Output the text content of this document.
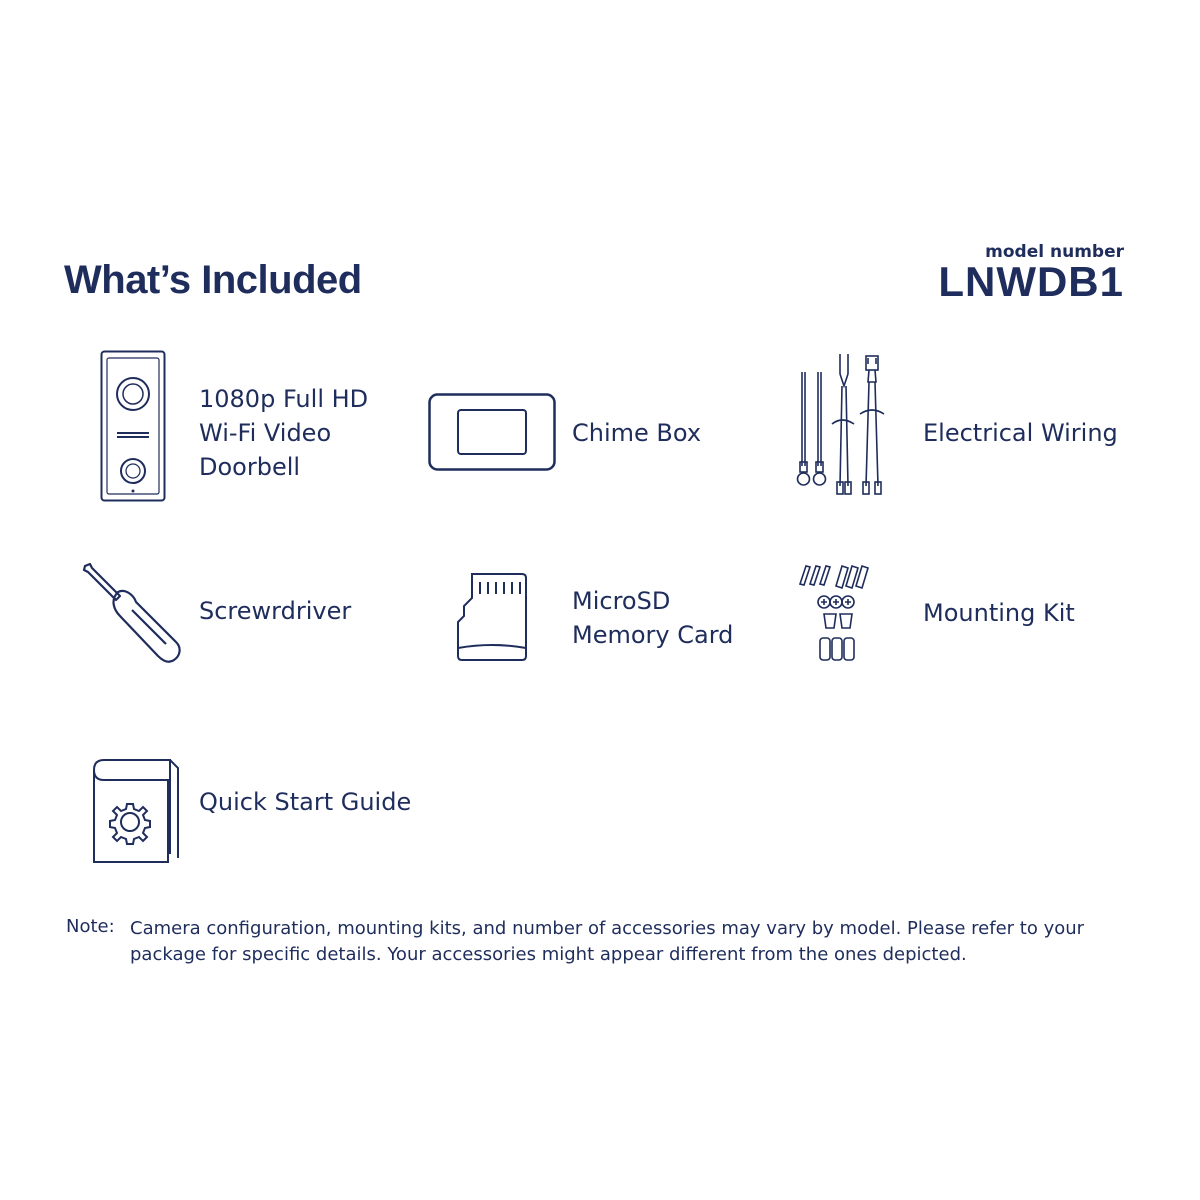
What’s Included
model number
LNWDB1
1080p Full HD
Wi-Fi Video
Doorbell
Chime Box	Electrical Wiring
Screwrdriver	MicroSD
Memory Card
Mounting Kit
Quick Start Guide
Note: Camera configuration, mounting kits, and number of accessories may vary by model. Please refer to your package for specific details. Your accessories might appear different from the ones depicted.
